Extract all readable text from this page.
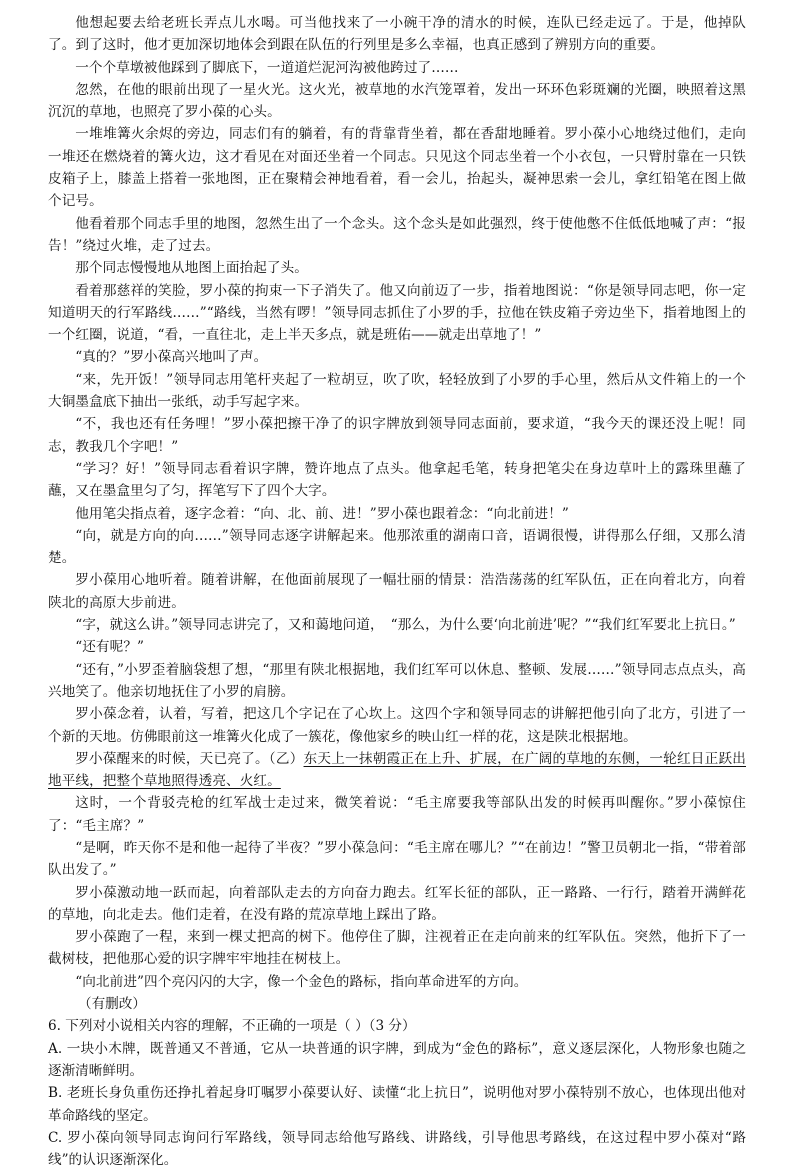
他想起要去给老班长弄点儿水喝。可当他找来了一小碗干净的清水的时候，连队已经走远了。于是，他掉队了。到了这时，他才更加深切地体会到跟在队伍的行列里是多么幸福，也真正感到了辨别方向的重要。

一个个草墩被他踩到了脚底下，一道道烂泥河沟被他跨过了……

忽然，在他的眼前出现了一星火光。这火光，被草地的水汽笼罩着，发出一环环色彩斑斓的光圈，映照着这黑沉沉的草地，也照亮了罗小葆的心头。

一堆堆篝火余烬的旁边，同志们有的躺着，有的背靠背坐着，都在香甜地睡着。罗小葆小心地绕过他们，走向一堆还在燃烧着的篝火边，这才看见在对面还坐着一个同志。只见这个同志坐着一个小衣包，一只臂肘靠在一只铁皮箱子上，膝盖上搭着一张地图，正在聚精会神地看着，看一会儿，抬起头，凝神思索一会儿，拿红铅笔在图上做个记号。

他看着那个同志手里的地图，忽然生出了一个念头。这个念头是如此强烈，终于使他憋不住低低地喊了声：“报告！”绕过火堆，走了过去。

那个同志慢慢地从地图上面抬起了头。

看着那慈祥的笑脸，罗小葆的拘束一下子消失了。他又向前迈了一步，指着地图说：“你是领导同志吧，你一定知道明天的行军路线……”“路线，当然有啰！”领导同志抓住了小罗的手，拉他在铁皮箱子旁边坐下，指着地图上的一个红圈，说道，“看，一直往北，走上半天多点，就是班佑——就走出草地了！”

“真的？”罗小葆高兴地叫了声。

“来，先开饭！”领导同志用笔杆夹起了一粒胡豆，吹了吹，轻轻放到了小罗的手心里，然后从文件箱上的一个大铜墨盒底下抽出一张纸，动手写起字来。

“不，我也还有任务哩！”罗小葆把擦干净了的识字牌放到领导同志面前，要求道，“我今天的课还没上呢！同志，教我几个字吧！”

“学习？好！”领导同志看着识字牌，赞许地点了点头。他拿起毛笔，转身把笔尖在身边草叶上的露珠里蘸了蘸，又在墨盒里匀了匀，挥笔写下了四个大字。

他用笔尖指点着，逐字念着：“向、北、前、进！”罗小葆也跟着念：“向北前进！”

“向，就是方向的向……”领导同志逐字讲解起来。他那浓重的湖南口音，语调很慢，讲得那么仔细，又那么清楚。

罗小葆用心地听着。随着讲解，在他面前展现了一幅壮丽的情景：浩浩荡荡的红军队伍，正在向着北方，向着陕北的高原大步前进。

“字，就这么讲。”领导同志讲完了，又和蔼地问道，　“那么，为什么要‘向北前进’呢？”“我们红军要北上抗日。”

“还有呢？”

“还有，”小罗歪着脑袋想了想，“那里有陕北根据地，我们红军可以休息、整顿、发展……”领导同志点点头，高兴地笑了。他亲切地抚住了小罗的肩膀。

罗小葆念着，认着，写着，把这几个字记在了心坎上。这四个字和领导同志的讲解把他引向了北方，引进了一个新的天地。仿佛眼前这一堆篝火化成了一簇花，像他家乡的映山红一样的花，这是陕北根据地。

罗小葆醒来的时候，天已亮了。（乙）东天上一抹朝霞正在上升、扩展，在广阔的草地的东侧，一轮红日正跃出地平线，把整个草地照得透亮、火红。

这时，一个背驳壳枪的红军战士走过来，微笑着说：“毛主席要我等部队出发的时候再叫醒你。”罗小葆惊住了：“毛主席？”

“是啊，昨天你不是和他一起待了半夜？”罗小葆急问：“毛主席在哪儿？”“在前边！”警卫员朝北一指，“带着部队出发了。”

罗小葆激动地一跃而起，向着部队走去的方向奋力跑去。红军长征的部队，正一路路、一行行，踏着开满鲜花的草地，向北走去。他们走着，在没有路的荒凉草地上踩出了路。

罗小葆跑了一程，来到一棵丈把高的树下。他停住了脚，注视着正在走向前来的红军队伍。突然，他折下了一截树枝，把他那心爱的识字牌牢牢地挂在树枝上。

“向北前进”四个亮闪闪的大字，像一个金色的路标，指向革命进军的方向。

（有删改）

6. 下列对小说相关内容的理解，不正确的一项是（ ）（3 分）

A. 一块小木牌，既普通又不普通，它从一块普通的识字牌，到成为“金色的路标”，意义逐层深化，人物形象也随之逐渐清晰鲜明。

B. 老班长身负重伤还挣扎着起身叮嘱罗小葆要认好、读懂“北上抗日”，说明他对罗小葆特别不放心，也体现出他对革命路线的坚定。

C. 罗小葆向领导同志询问行军路线，领导同志给他写路线、讲路线，引导他思考路线，在这过程中罗小葆对“路线”的认识逐渐深化。
